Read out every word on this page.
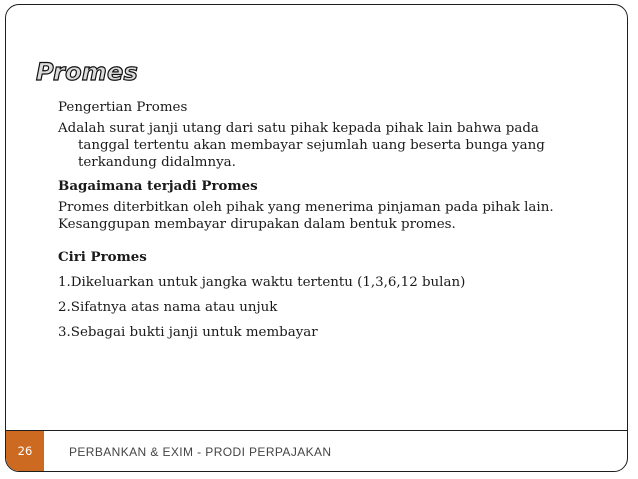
Promes

Pengertian Promes

Adalah surat janji utang dari satu pihak kepada pihak lain bahwa pada tanggal tertentu akan membayar sejumlah uang beserta bunga yang terkandung didalmnya.

Bagaimana terjadi Promes

Promes diterbitkan oleh pihak yang menerima pinjaman pada pihak lain.

Kesanggupan membayar dirupakan dalam bentuk promes.

Ciri Promes

1.Dikeluarkan untuk jangka waktu tertentu (1,3,6,12 bulan)

2.Sifatnya atas nama atau unjuk

3.Sebagai bukti janji untuk membayar

26	PERBANKAN & EXIM - PRODI PERPAJAKAN
